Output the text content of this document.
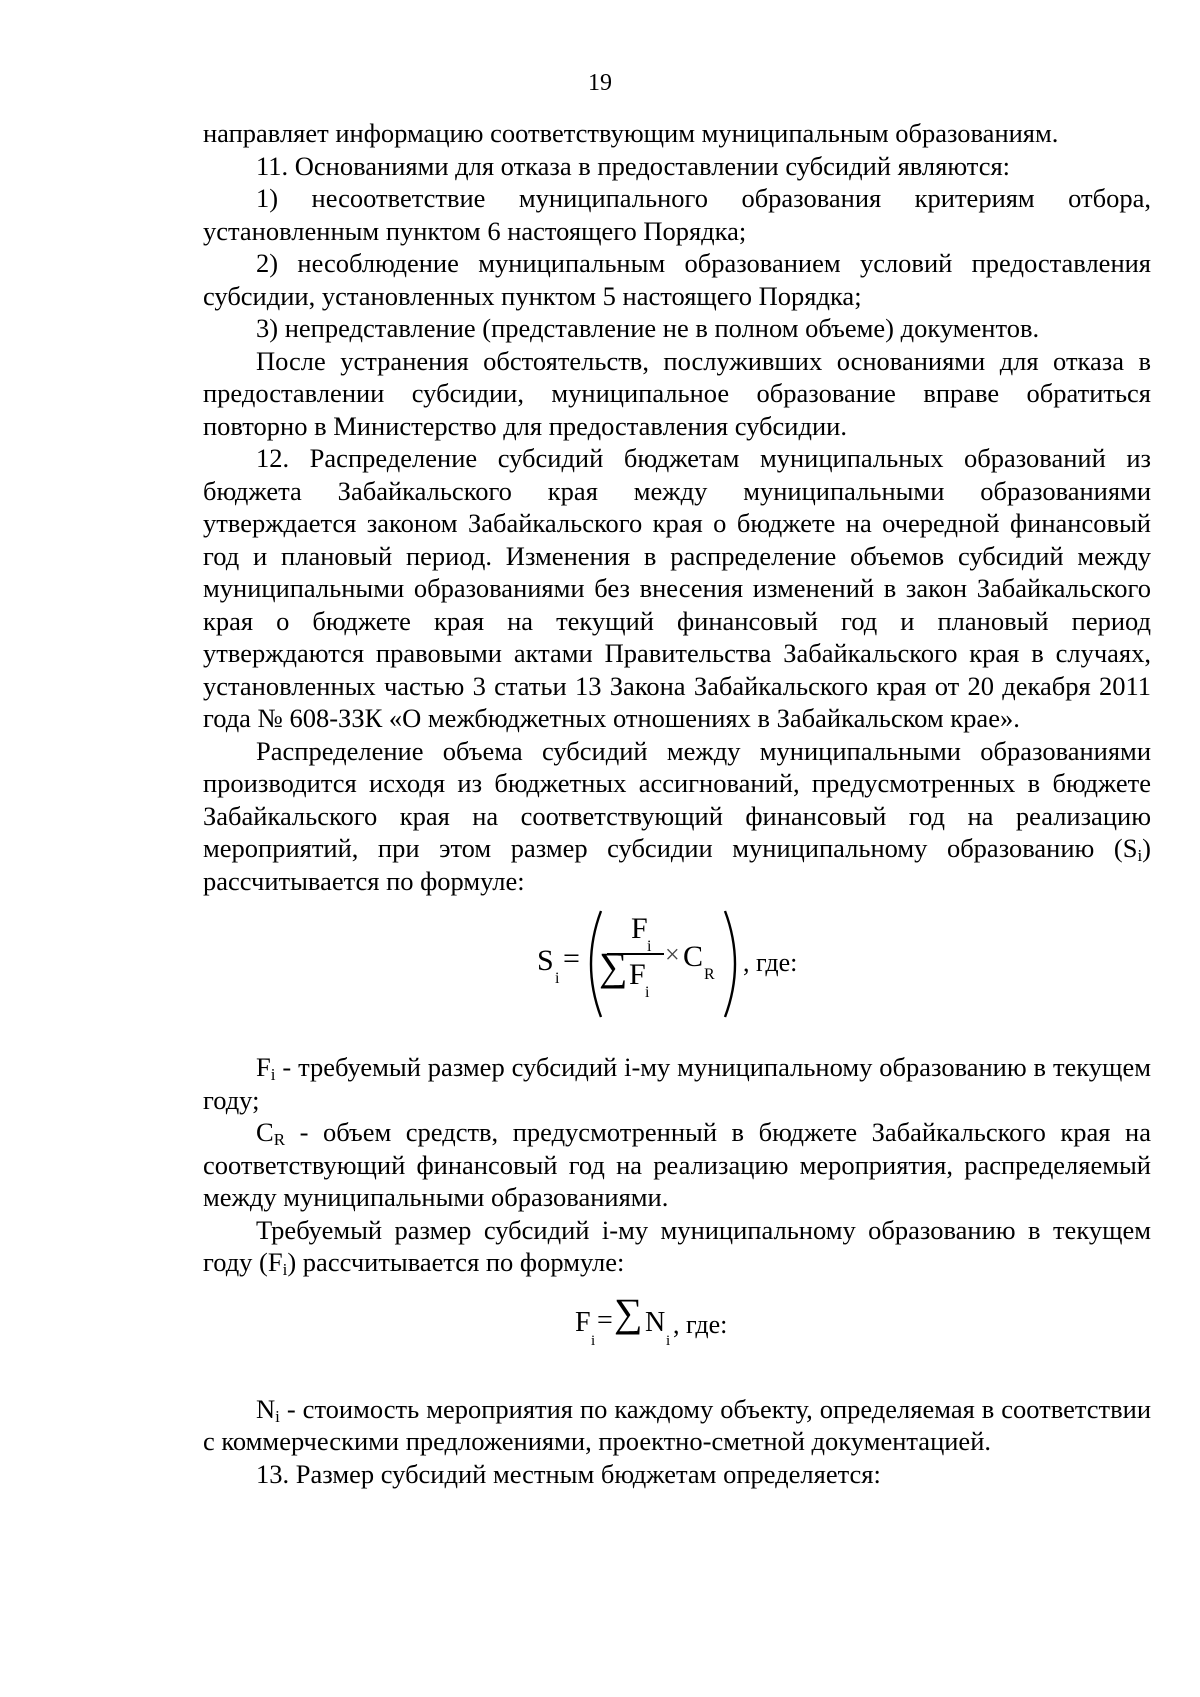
19

направляет информацию соответствующим муниципальным образованиям.

11. Основаниями для отказа в предоставлении субсидий являются:

1) несоответствие муниципального образования критериям отбора, установленным пунктом 6 настоящего Порядка;

2) несоблюдение муниципальным образованием условий предоставления субсидии, установленных пунктом 5 настоящего Порядка;

3) непредставление (представление не в полном объеме) документов.

После устранения обстоятельств, послуживших основаниями для отказа в предоставлении субсидии, муниципальное образование вправе обратиться повторно в Министерство для предоставления субсидии.

12. Распределение субсидий бюджетам муниципальных образований из бюджета Забайкальского края между муниципальными образованиями утверждается законом Забайкальского края о бюджете на очередной финансовый год и плановый период. Изменения в распределение объемов субсидий между муниципальными образованиями без внесения изменений в закон Забайкальского края о бюджете края на текущий финансовый год и плановый период утверждаются правовыми актами Правительства Забайкальского края в случаях, установленных частью 3 статьи 13 Закона Забайкальского края от 20 декабря 2011 года № 608-ЗЗК «О межбюджетных отношениях в Забайкальском крае».

Распределение объема субсидий между муниципальными образованиями производится исходя из бюджетных ассигнований, предусмотренных в бюджете Забайкальского края на соответствующий финансовый год на реализацию мероприятий, при этом размер субсидии муниципальному образованию $(S_i)$ рассчитывается по формуле:

S
i
=
F
i
∑ F
i
× C
R , где:

$F_i$ - требуемый размер субсидий i-му муниципальному образованию в текущем году;

$C_R$ - объем средств, предусмотренный в бюджете Забайкальского края на соответствующий финансовый год на реализацию мероприятия, распределяемый между муниципальными образованиями.

Требуемый размер субсидий i-му муниципальному образованию в текущем году $(F_i)$ рассчитывается по формуле:

F
i
= ∑ N
i
, где:

$N_i$ - стоимость мероприятия по каждому объекту, определяемая в соответствии с коммерческими предложениями, проектно-сметной документацией.

13. Размер субсидий местным бюджетам определяется:
